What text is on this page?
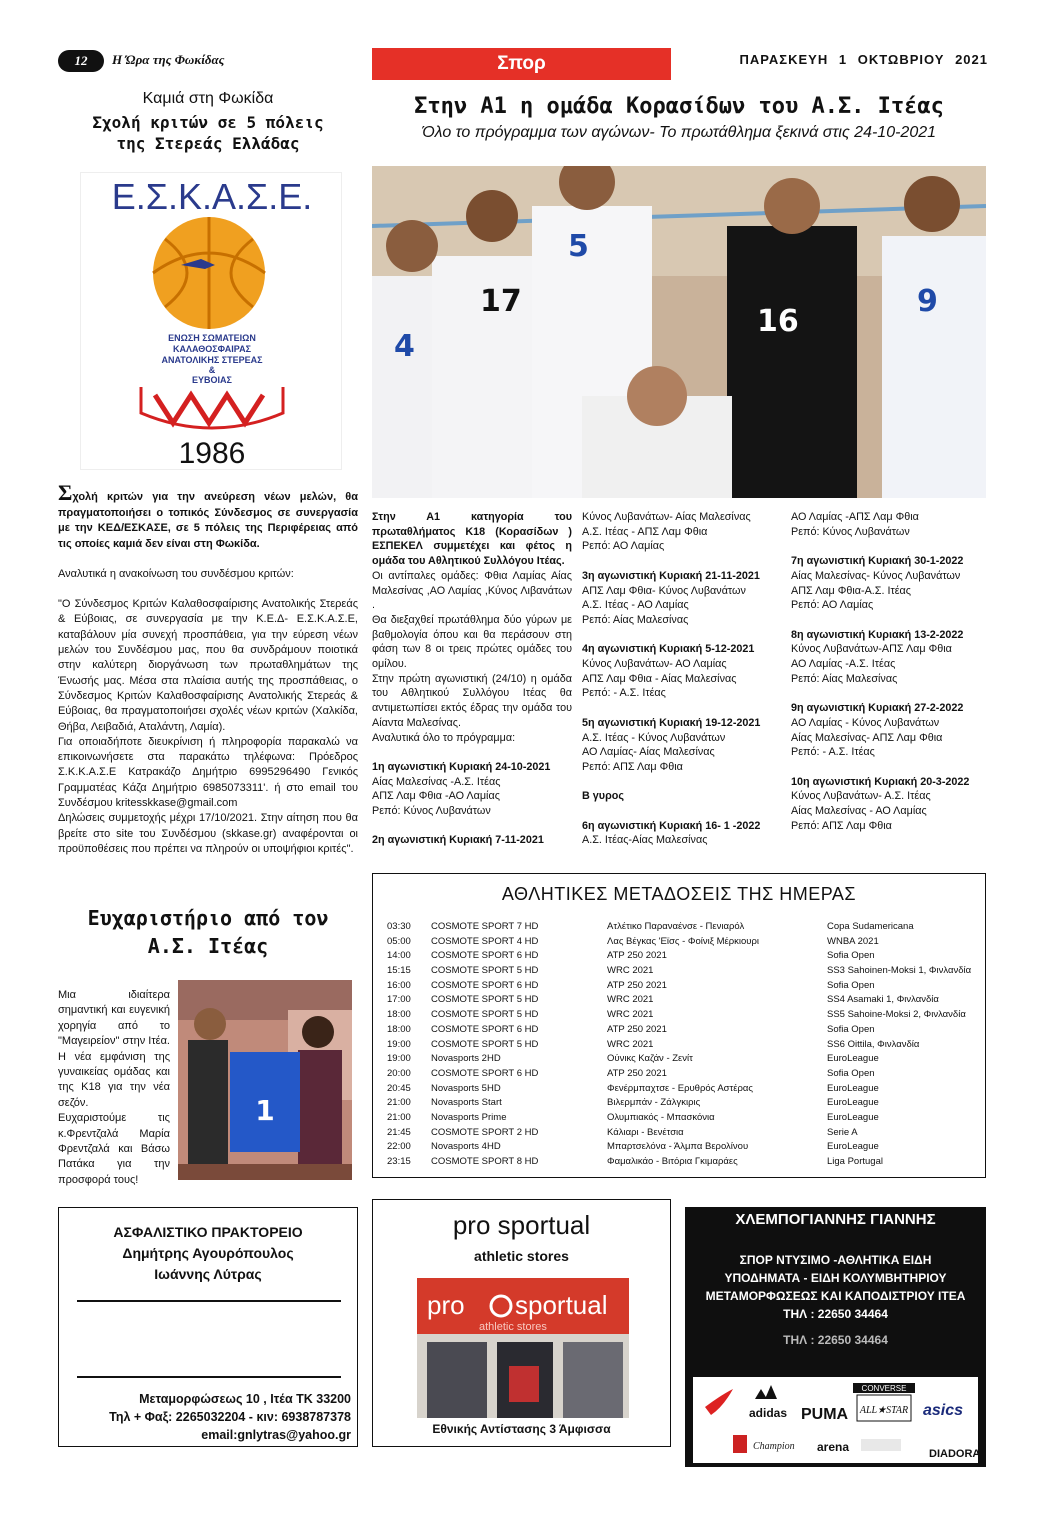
12	Η Ώρα της Φωκίδας	Σπορ	ΠΑΡΑΣΚΕΥΗ 1 ΟΚΤΩΒΡΙΟΥ 2021
Καμιά στη Φωκίδα
Σχολή κριτών σε 5 πόλεις
της Στερεάς Ελλάδας
Ε.Σ.Κ.Α.Σ.Ε.
ΕΝΩΣΗ ΣΩΜΑΤΕΙΩΝ
ΚΑΛΑΘΟΣΦΑΙΡΑΣ
ΑΝΑΤΟΛΙΚΗΣ ΣΤΕΡΕΑΣ
&
ΕΥΒΟΙΑΣ
1986

Σχολή κριτών για την ανεύρεση νέων μελών, θα πραγματοποιήσει ο τοπικός Σύνδεσμος σε συνεργασία με την ΚΕΔ/ΕΣΚΑΣΕ, σε 5 πόλεις της Περιφέρειας από τις οποίες καμιά δεν είναι στη Φωκίδα.

Αναλυτικά η ανακοίνωση του συνδέσμου κριτών:

"Ο Σύνδεσμος Κριτών Καλαθοσφαίρισης Ανατολικής Στερεάς & Εύβοιας, σε συνεργασία με την Κ.Ε.Δ- Ε.Σ.Κ.Α.Σ.Ε, καταβάλουν μία συνεχή προσπάθεια, για την εύρεση νέων μελών του Συνδέσμου μας, που θα συνδράμουν ποιοτικά στην καλύτερη διοργάνωση των πρωταθλημάτων της Ένωσής μας. Μέσα στα πλαίσια αυτής της προσπάθειας, ο Σύνδεσμος Κριτών Καλαθοσφαίρισης Ανατολικής Στερεάς & Εύβοιας, θα πραγματοποιήσει σχολές νέων κριτών (Χαλκίδα, Θήβα, Λειβαδιά, Αταλάντη, Λαμία).

Για οποιαδήποτε διευκρίνιση ή πληροφορία παρακαλώ να επικοινωνήσετε στα παρακάτω τηλέφωνα: Πρόεδρος Σ.Κ.Κ.Α.Σ.Ε Κατρακάζο Δημήτριο 6995296490 Γενικός Γραμματέας Κάζα Δημήτριο 6985073311'. ή στο email του Συνδέσμου kritesskkase@gmail.com

Δηλώσεις συμμετοχής μέχρι 17/10/2021. Στην αίτηση που θα βρείτε στο site του Συνδέσμου (skkase.gr) αναφέρονται οι προϋποθέσεις που πρέπει να πληρούν οι υποψήφιοι κριτές".

Στην Α1 η ομάδα Κορασίδων του Α.Σ. Ιτέας
Όλο το πρόγραμμα των αγώνων- Το πρωτάθλημα ξεκινά στις 24-10-2021
17
5
16
9
4
Στην Α1 κατηγορία του πρωταθλήματος Κ18 (Κορασίδων ) ΕΣΠΕΚΕΛ συμμετέχει και φέτος η ομάδα του Αθλητικού Συλλόγου Ιτέας.
Οι αντίπαλες ομάδες: Φθια Λαμίας Αίας Μαλεσίνας ,ΑΟ Λαμίας ,Κύνος Λιβανάτων .
Θα διεξαχθεί πρωτάθλημα δύο γύρων με βαθμολογία όπου και θα περάσουν στη φάση των 8 οι τρεις πρώτες ομάδες του ομίλου.
Στην πρώτη αγωνιστική (24/10) η ομάδα του Αθλητικού Συλλόγου Ιτέας θα αντιμετωπίσει εκτός έδρας την ομάδα του Αίαντα Μαλεσίνας.
Αναλυτικά όλο το πρόγραμμα:
1η αγωνιστική Κυριακή 24-10-2021
Αίας Μαλεσίνας -Α.Σ. Ιτέας
ΑΠΣ Λαμ Φθια -ΑΟ Λαμίας
Ρεπό: Κύνος Λυβανάτων
2η αγωνιστική Κυριακή 7-11-2021
Κύνος Λυβανάτων- Αίας Μαλεσίνας
Α.Σ. Ιτέας - ΑΠΣ Λαμ Φθια
Ρεπό: ΑΟ Λαμίας
3η αγωνιστική Κυριακή 21-11-2021
ΑΠΣ Λαμ Φθια- Κύνος Λυβανάτων
Α.Σ. Ιτέας - ΑΟ Λαμίας
Ρεπό: Αίας Μαλεσίνας
4η αγωνιστική Κυριακή 5-12-2021
Κύνος Λυβανάτων- ΑΟ Λαμίας
ΑΠΣ Λαμ Φθια - Αίας Μαλεσίνας
Ρεπό: - Α.Σ. Ιτέας
5η αγωνιστική Κυριακή 19-12-2021
Α.Σ. Ιτέας - Κύνος Λυβανάτων
ΑΟ Λαμίας- Αίας Μαλεσίνας
Ρεπό: ΑΠΣ Λαμ Φθια
Β γυρος
6η αγωνιστική Κυριακή 16- 1 -2022
Α.Σ. Ιτέας-Αίας Μαλεσίνας
ΑΟ Λαμίας -ΑΠΣ Λαμ Φθια
Ρεπό: Κύνος Λυβανάτων
7η αγωνιστική Κυριακή 30-1-2022
Αίας Μαλεσίνας- Κύνος Λυβανάτων
ΑΠΣ Λαμ Φθια-Α.Σ. Ιτέας
Ρεπό: ΑΟ Λαμίας
8η αγωνιστική Κυριακή 13-2-2022
Κύνος Λυβανάτων-ΑΠΣ Λαμ Φθια
ΑΟ Λαμίας -Α.Σ. Ιτέας
Ρεπό: Αίας Μαλεσίνας
9η αγωνιστική Κυριακή 27-2-2022
ΑΟ Λαμίας - Κύνος Λυβανάτων
Αίας Μαλεσίνας- ΑΠΣ Λαμ Φθια
Ρεπό: - Α.Σ. Ιτέας
10η αγωνιστική Κυριακή 20-3-2022
Κύνος Λυβανάτων- Α.Σ. Ιτέας
Αίας Μαλεσίνας - ΑΟ Λαμίας
Ρεπό: ΑΠΣ Λαμ Φθια
ΑΘΛΗΤΙΚΕΣ ΜΕΤΑΔΟΣΕΙΣ ΤΗΣ ΗΜΕΡΑΣ
03:30 COSMOTE SPORT 7 HD	Ατλέτικο Παραναένσε - Πενιαρόλ	Copa Sudamericana
05:00 COSMOTE SPORT 4 HD	Λας Βέγκας 'Εϊσς - Φοίνιξ Μέρκιουρι	WNBA 2021
14:00 COSMOTE SPORT 6 HD	ATP 250 2021	Sofia Open
15:15 COSMOTE SPORT 5 HD	WRC 2021	SS3 Sahoinen-Moksi 1, Φινλανδία
16:00 COSMOTE SPORT 6 HD	ATP 250 2021	Sofia Open
17:00 COSMOTE SPORT 5 HD	WRC 2021	SS4 Asamaki 1, Φινλανδία
18:00 COSMOTE SPORT 5 HD	WRC 2021	SS5 Sahoine-Moksi 2, Φινλανδία
18:00 COSMOTE SPORT 6 HD	ATP 250 2021	Sofia Open
19:00 COSMOTE SPORT 5 HD	WRC 2021	SS6 Oittila, Φινλανδία
19:00 Novasports 2HD	Ούνικς Καζάν - Ζενίτ	EuroLeague
20:00 COSMOTE SPORT 6 HD	ATP 250 2021	Sofia Open
20:45 Novasports 5HD	Φενέρμπαχτσε - Ερυθρός Αστέρας	EuroLeague
21:00 Novasports Start	Βιλερμπάν - Ζάλγκιρις	EuroLeague
21:00 Novasports Prime	Ολυμπιακός - Μπασκόνια	EuroLeague
21:45 COSMOTE SPORT 2 HD	Κάλιαρι - Βενέτσια	Serie A
22:00 Novasports 4HD	Μπαρτσελόνα - Άλμπα Βερολίνου	EuroLeague
23:15 COSMOTE SPORT 8 HD	Φαμαλικάο - Βιτόρια Γκιμαράες	Liga Portugal
Ευχαριστήριο από τον
Α.Σ. Ιτέας

Μια ιδιαίτερα σημαντική και ευγενική χορηγία από το "Μαγειρείον" στην Ιτέα.

Η νέα εμφάνιση της γυναικείας ομάδας και της Κ18 για την νέα σεζόν.

Ευχαριστούμε τις κ.Φρεντζαλά Μαρία Φρεντζαλά και Βάσω Πατάκα για την προσφορά τους!

1
ΑΣΦΑΛΙΣΤΙΚΟ ΠΡΑΚΤΟΡΕΙΟ
Δημήτρης Αγουρόπουλος
Ιωάννης Λύτρας
Μεταμορφώσεως 10 , Ιτέα ΤΚ 33200
Τηλ + Φαξ: 2265032204 - κιν: 6938787378
email:gnlytras@yahoo.gr
pro sportual
athletic stores
pro sportual
athletic stores
Εθνικής Αντίστασης 3 Άμφισσα
ΧΛΕΜΠΟΓΙΑΝΝΗΣ ΓΙΑΝΝΗΣ
ΣΠΟΡ ΝΤΥΣΙΜΟ -ΑΘΛΗΤΙΚΑ ΕΙΔΗ
ΥΠΟΔΗΜΑΤΑ - ΕΙΔΗ ΚΟΛΥΜΒΗΤΗΡΙΟΥ
ΜΕΤΑΜΟΡΦΩΣΕΩΣ ΚΑΙ ΚΑΠΟΔΙΣΤΡΙΟΥ ΙΤΕΑ
ΤΗΛ : 22650 34464
ΤΗΛ : 22650 34464
adidas PUMA
CONVERSE
ALL★STAR asics
Champion arena	DIADORA
